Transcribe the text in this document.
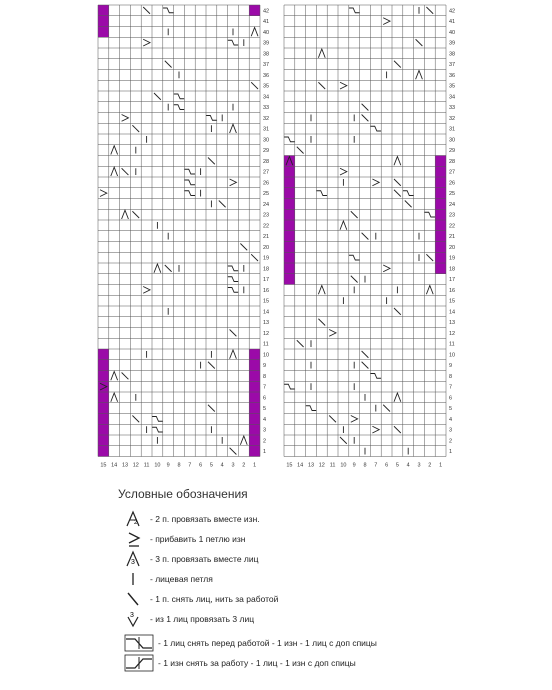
1
2
3
4
5
6
7
8
9
10
11
12
13
14
15
16
17
18
19
20
21
22
23
24
25
26
27
28
29
30
31
32
33
34
35
36
37
38
39
40
41
42
15 14 13 12 11 10 9 8 7 6 5 4 3 2 1
1
2
3
4
5
6
7
8
9
10
11
12
13
14
15
16
17
18
19
20
21
22
23
24
25
26
27
28
29
30
31
32
33
34
35
36
37
38
39
40
41
42
15 14 13 12 11 10 9 8 7 6 5 4 3 2 1
Условные обозначения
2 - 2 п. провязать вместе изн.
- прибавить 1 петлю изн
3 - 3 п. провязать вместе лиц
- лицевая петля
- 1 п. снять лиц, нить за работой
3 - из 1 лиц провязать 3 лиц
- 1 лиц снять перед работой - 1 изн - 1 лиц с доп спицы
- 1 изн снять за работу - 1 лиц - 1 изн с доп спицы
